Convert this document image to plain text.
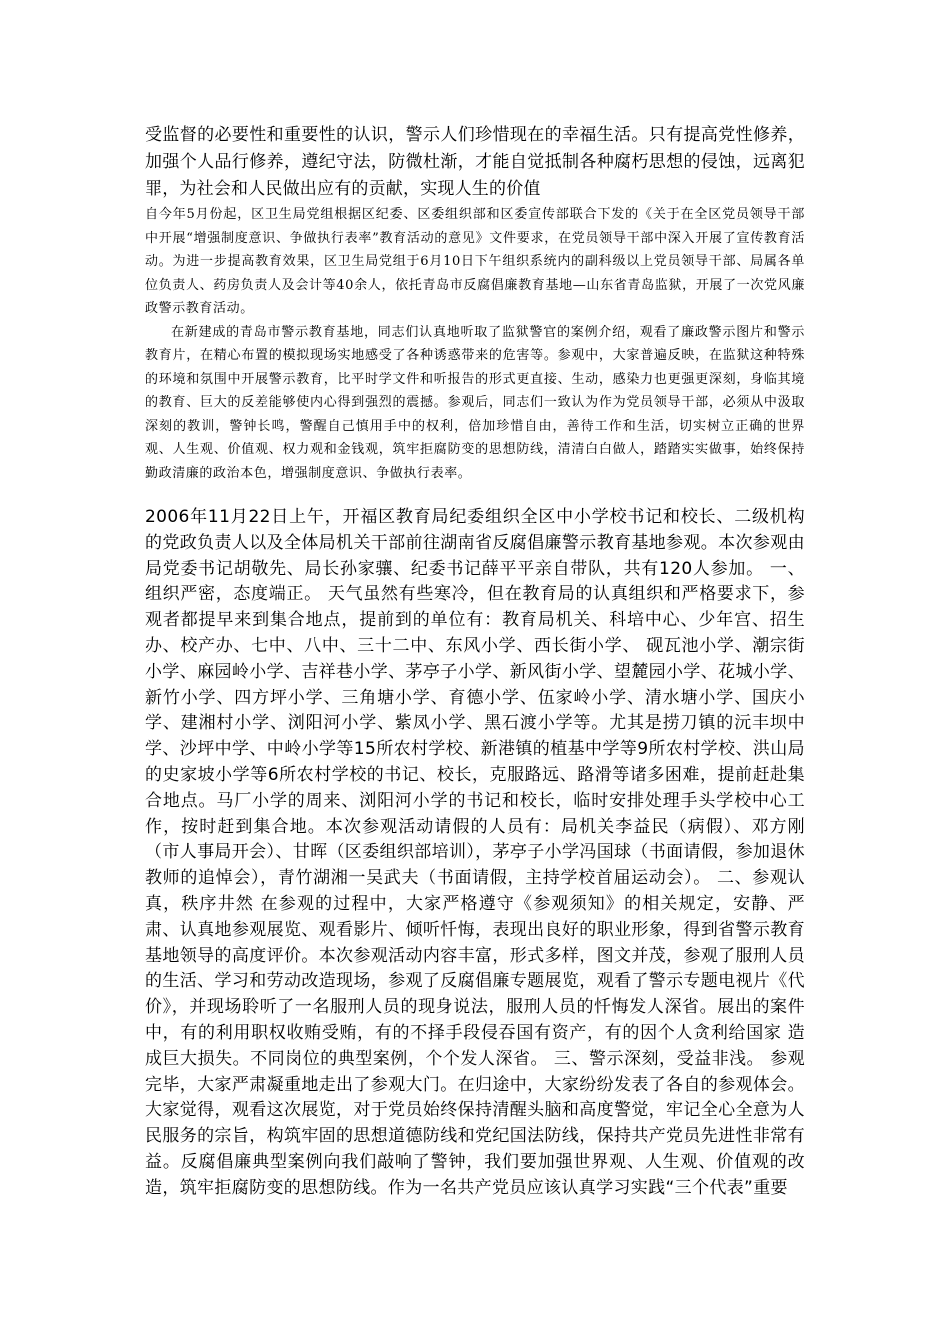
受监督的必要性和重要性的认识，警示人们珍惜现在的幸福生活。只有提高党性修养，加强个人品行修养，遵纪守法，防微杜渐，才能自觉抵制各种腐朽思想的侵蚀，远离犯罪，为社会和人民做出应有的贡献，实现人生的价值

自今年5月份起，区卫生局党组根据区纪委、区委组织部和区委宣传部联合下发的《关于在全区党员领导干部中开展“增强制度意识、争做执行表率”教育活动的意见》文件要求，在党员领导干部中深入开展了宣传教育活动。为进一步提高教育效果，区卫生局党组于6月10日下午组织系统内的副科级以上党员领导干部、局属各单位负责人、药房负责人及会计等40余人，依托青岛市反腐倡廉教育基地—山东省青岛监狱，开展了一次党风廉政警示教育活动。

在新建成的青岛市警示教育基地，同志们认真地听取了监狱警官的案例介绍，观看了廉政警示图片和警示教育片，在精心布置的模拟现场实地感受了各种诱惑带来的危害等。参观中，大家普遍反映，在监狱这种特殊的环境和氛围中开展警示教育，比平时学文件和听报告的形式更直接、生动，感染力也更强更深刻，身临其境的教育、巨大的反差能够使内心得到强烈的震撼。参观后，同志们一致认为作为党员领导干部，必须从中汲取深刻的教训，警钟长鸣，警醒自己慎用手中的权利，倍加珍惜自由，善待工作和生活，切实树立正确的世界观、人生观、价值观、权力观和金钱观，筑牢拒腐防变的思想防线，清清白白做人，踏踏实实做事，始终保持勤政清廉的政治本色，增强制度意识、争做执行表率。

2006年11月22日上午，开福区教育局纪委组织全区中小学校书记和校长、二级机构的党政负责人以及全体局机关干部前往湖南省反腐倡廉警示教育基地参观。本次参观由局党委书记胡敬先、局长孙家骧、纪委书记薛平平亲自带队，共有120人参加。 一、组织严密，态度端正。 天气虽然有些寒冷，但在教育局的认真组织和严格要求下，参观者都提早来到集合地点，提前到的单位有：教育局机关、科培中心、少年宫、招生办、校产办、七中、八中、三十二中、东风小学、西长街小学、 砚瓦池小学、潮宗街小学、麻园岭小学、吉祥巷小学、茅亭子小学、新风街小学、望麓园小学、花城小学、新竹小学、四方坪小学、三角塘小学、育德小学、伍家岭小学、清水塘小学、国庆小学、建湘村小学、浏阳河小学、紫凤小学、黑石渡小学等。尤其是捞刀镇的沅丰坝中学、沙坪中学、中岭小学等15所农村学校、新港镇的植基中学等9所农村学校、洪山局的史家坡小学等6所农村学校的书记、校长，克服路远、路滑等诸多困难，提前赶赴集合地点。马厂小学的周来、浏阳河小学的书记和校长，临时安排处理手头学校中心工作，按时赶到集合地。本次参观活动请假的人员有：局机关李益民（病假）、邓方刚（市人事局开会）、甘晖（区委组织部培训），茅亭子小学冯国球（书面请假，参加退休教师的追悼会），青竹湖湘一吴武夫（书面请假，主持学校首届运动会）。 二、参观认真，秩序井然 在参观的过程中，大家严格遵守《参观须知》的相关规定，安静、严肃、认真地参观展览、观看影片、倾听忏悔，表现出良好的职业形象，得到省警示教育基地领导的高度评价。本次参观活动内容丰富，形式多样，图文并茂，参观了服刑人员的生活、学习和劳动改造现场，参观了反腐倡廉专题展览，观看了警示专题电视片《代价》，并现场聆听了一名服刑人员的现身说法，服刑人员的忏悔发人深省。展出的案件中，有的利用职权收贿受贿，有的不择手段侵吞国有资产，有的因个人贪利给国家 造成巨大损失。不同岗位的典型案例，个个发人深省。 三、警示深刻，受益非浅。 参观完毕，大家严肃凝重地走出了参观大门。在归途中，大家纷纷发表了各自的参观体会。大家觉得，观看这次展览，对于党员始终保持清醒头脑和高度警觉，牢记全心全意为人民服务的宗旨，构筑牢固的思想道德防线和党纪国法防线，保持共产党员先进性非常有益。反腐倡廉典型案例向我们敲响了警钟，我们要加强世界观、人生观、价值观的改造，筑牢拒腐防变的思想防线。作为一名共产党员应该认真学习实践“三个代表”重要
